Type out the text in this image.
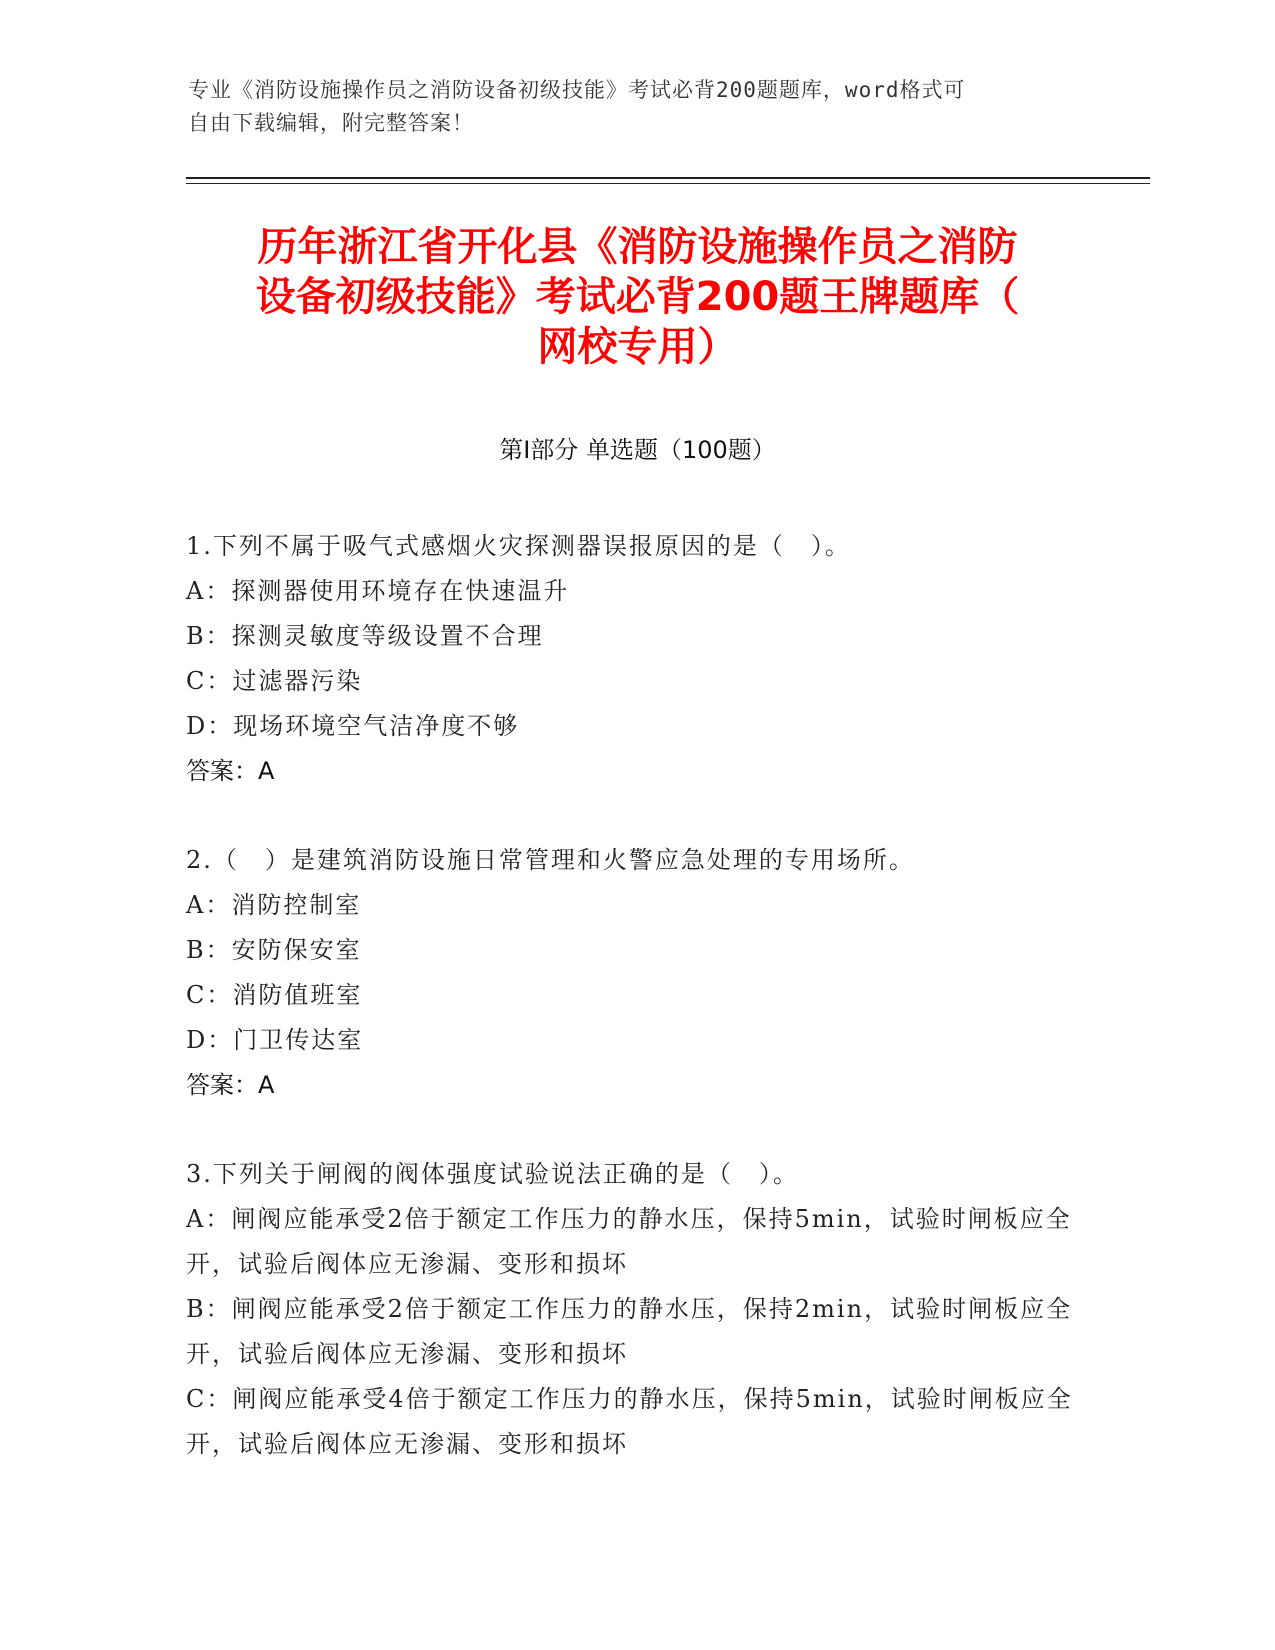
专业《消防设施操作员之消防设备初级技能》考试必背200题题库，word格式可
自由下载编辑，附完整答案！
历年浙江省开化县《消防设施操作员之消防
设备初级技能》考试必背200题王牌题库（
网校专用）
第Ⅰ部分 单选题（100题）
1.下列不属于吸气式感烟火灾探测器误报原因的是（　）。
A：探测器使用环境存在快速温升
B：探测灵敏度等级设置不合理
C：过滤器污染
D：现场环境空气洁净度不够
答案：A
2.（　）是建筑消防设施日常管理和火警应急处理的专用场所。
A：消防控制室
B：安防保安室
C：消防值班室
D：门卫传达室
答案：A
3.下列关于闸阀的阀体强度试验说法正确的是（　）。
A：闸阀应能承受2倍于额定工作压力的静水压，保持5min，试验时闸板应全开，试验后阀体应无渗漏、变形和损坏
B：闸阀应能承受2倍于额定工作压力的静水压，保持2min，试验时闸板应全开，试验后阀体应无渗漏、变形和损坏
C：闸阀应能承受4倍于额定工作压力的静水压，保持5min，试验时闸板应全开，试验后阀体应无渗漏、变形和损坏
